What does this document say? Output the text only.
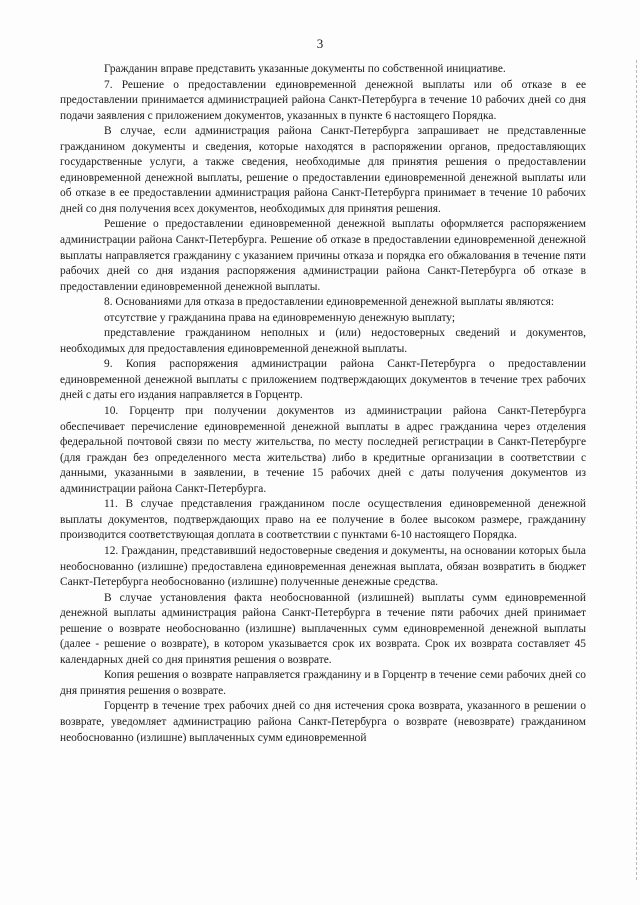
3

Гражданин вправе представить указанные документы по собственной инициативе.

7. Решение о предоставлении единовременной денежной выплаты или об отказе в ее предоставлении принимается администрацией района Санкт-Петербурга в течение 10 рабочих дней со дня подачи заявления с приложением документов, указанных в пункте 6 настоящего Порядка.

В случае, если администрация района Санкт-Петербурга запрашивает не представленные гражданином документы и сведения, которые находятся в распоряжении органов, предоставляющих государственные услуги, а также сведения, необходимые для принятия решения о предоставлении единовременной денежной выплаты, решение о предоставлении единовременной денежной выплаты или об отказе в ее предоставлении администрация района Санкт-Петербурга принимает в течение 10 рабочих дней со дня получения всех документов, необходимых для принятия решения.

Решение о предоставлении единовременной денежной выплаты оформляется распоряжением администрации района Санкт-Петербурга. Решение об отказе в предоставлении единовременной денежной выплаты направляется гражданину с указанием причины отказа и порядка его обжалования в течение пяти рабочих дней со дня издания распоряжения администрации района Санкт-Петербурга об отказе в предоставлении единовременной денежной выплаты.

8. Основаниями для отказа в предоставлении единовременной денежной выплаты являются:

отсутствие у гражданина права на единовременную денежную выплату;

представление гражданином неполных и (или) недостоверных сведений и документов, необходимых для предоставления единовременной денежной выплаты.

9. Копия распоряжения администрации района Санкт-Петербурга о предоставлении единовременной денежной выплаты с приложением подтверждающих документов в течение трех рабочих дней с даты его издания направляется в Горцентр.

10. Горцентр при получении документов из администрации района Санкт-Петербурга обеспечивает перечисление единовременной денежной выплаты в адрес гражданина через отделения федеральной почтовой связи по месту жительства, по месту последней регистрации в Санкт-Петербурге (для граждан без определенного места жительства) либо в кредитные организации в соответствии с данными, указанными в заявлении, в течение 15 рабочих дней с даты получения документов из администрации района Санкт-Петербурга.

11. В случае представления гражданином после осуществления единовременной денежной выплаты документов, подтверждающих право на ее получение в более высоком размере, гражданину производится соответствующая доплата в соответствии с пунктами 6-10 настоящего Порядка.

12. Гражданин, представивший недостоверные сведения и документы, на основании которых была необоснованно (излишне) предоставлена единовременная денежная выплата, обязан возвратить в бюджет Санкт-Петербурга необоснованно (излишне) полученные денежные средства.

В случае установления факта необоснованной (излишней) выплаты сумм единовременной денежной выплаты администрация района Санкт-Петербурга в течение пяти рабочих дней принимает решение о возврате необоснованно (излишне) выплаченных сумм единовременной денежной выплаты (далее - решение о возврате), в котором указывается срок их возврата. Срок их возврата составляет 45 календарных дней со дня принятия решения о возврате.

Копия решения о возврате направляется гражданину и в Горцентр в течение семи рабочих дней со дня принятия решения о возврате.

Горцентр в течение трех рабочих дней со дня истечения срока возврата, указанного в решении о возврате, уведомляет администрацию района Санкт-Петербурга о возврате (невозврате) гражданином необоснованно (излишне) выплаченных сумм единовременной
